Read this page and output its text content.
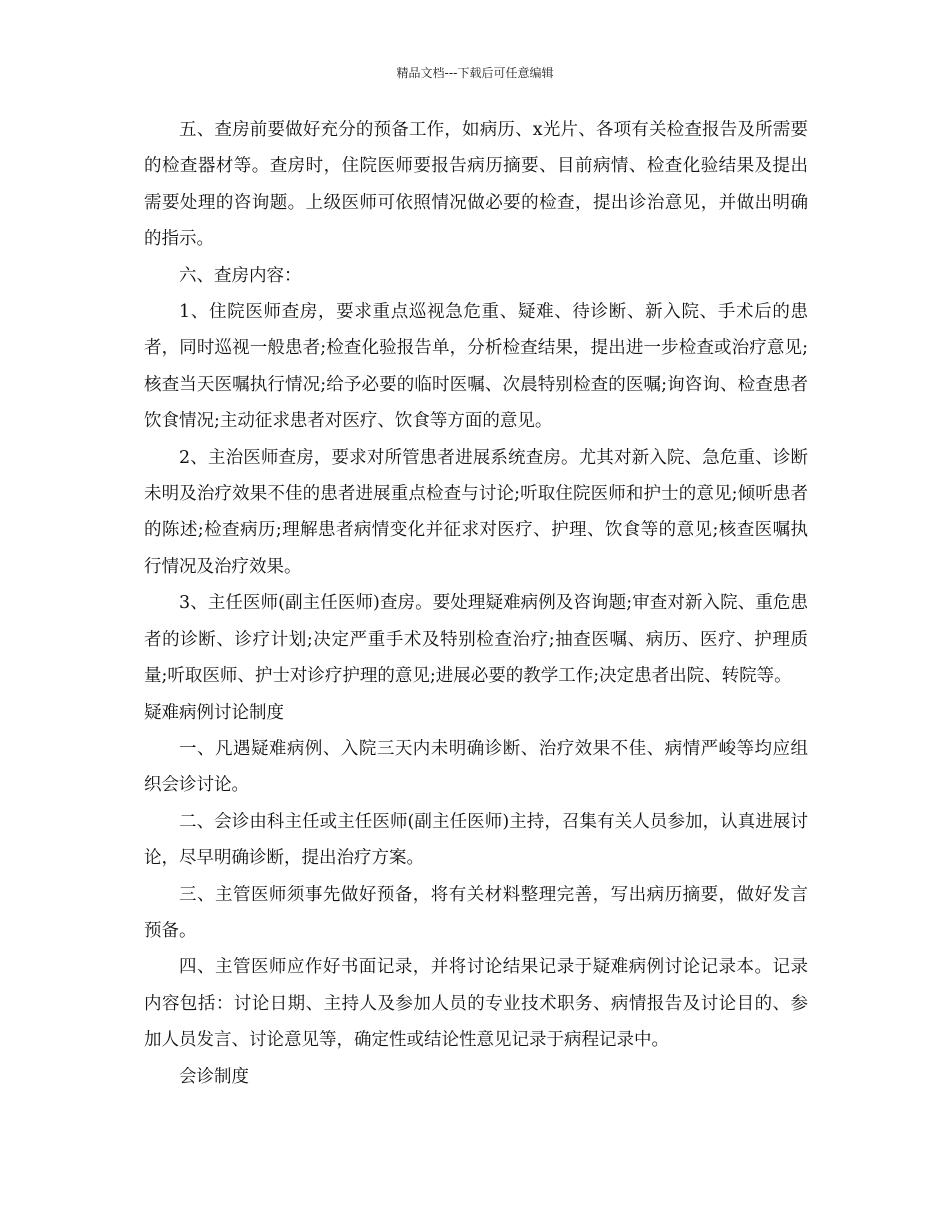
精品文档---下载后可任意编辑

五、查房前要做好充分的预备工作，如病历、x光片、各项有关检查报告及所需要的检查器材等。查房时，住院医师要报告病历摘要、目前病情、检查化验结果及提出需要处理的咨询题。上级医师可依照情况做必要的检查，提出诊治意见，并做出明确的指示。

六、查房内容：

1、住院医师查房，要求重点巡视急危重、疑难、待诊断、新入院、手术后的患者，同时巡视一般患者;检查化验报告单，分析检查结果，提出进一步检查或治疗意见;核查当天医嘱执行情况;给予必要的临时医嘱、次晨特别检查的医嘱;询咨询、检查患者饮食情况;主动征求患者对医疗、饮食等方面的意见。

2、主治医师查房，要求对所管患者进展系统查房。尤其对新入院、急危重、诊断未明及治疗效果不佳的患者进展重点检查与讨论;听取住院医师和护士的意见;倾听患者的陈述;检查病历;理解患者病情变化并征求对医疗、护理、饮食等的意见;核查医嘱执行情况及治疗效果。

3、主任医师(副主任医师)查房。要处理疑难病例及咨询题;审查对新入院、重危患者的诊断、诊疗计划;决定严重手术及特别检查治疗;抽查医嘱、病历、医疗、护理质量;听取医师、护士对诊疗护理的意见;进展必要的教学工作;决定患者出院、转院等。

疑难病例讨论制度

一、凡遇疑难病例、入院三天内未明确诊断、治疗效果不佳、病情严峻等均应组织会诊讨论。

二、会诊由科主任或主任医师(副主任医师)主持，召集有关人员参加，认真进展讨论，尽早明确诊断，提出治疗方案。

三、主管医师须事先做好预备，将有关材料整理完善，写出病历摘要，做好发言预备。

四、主管医师应作好书面记录，并将讨论结果记录于疑难病例讨论记录本。记录内容包括：讨论日期、主持人及参加人员的专业技术职务、病情报告及讨论目的、参加人员发言、讨论意见等，确定性或结论性意见记录于病程记录中。

会诊制度
